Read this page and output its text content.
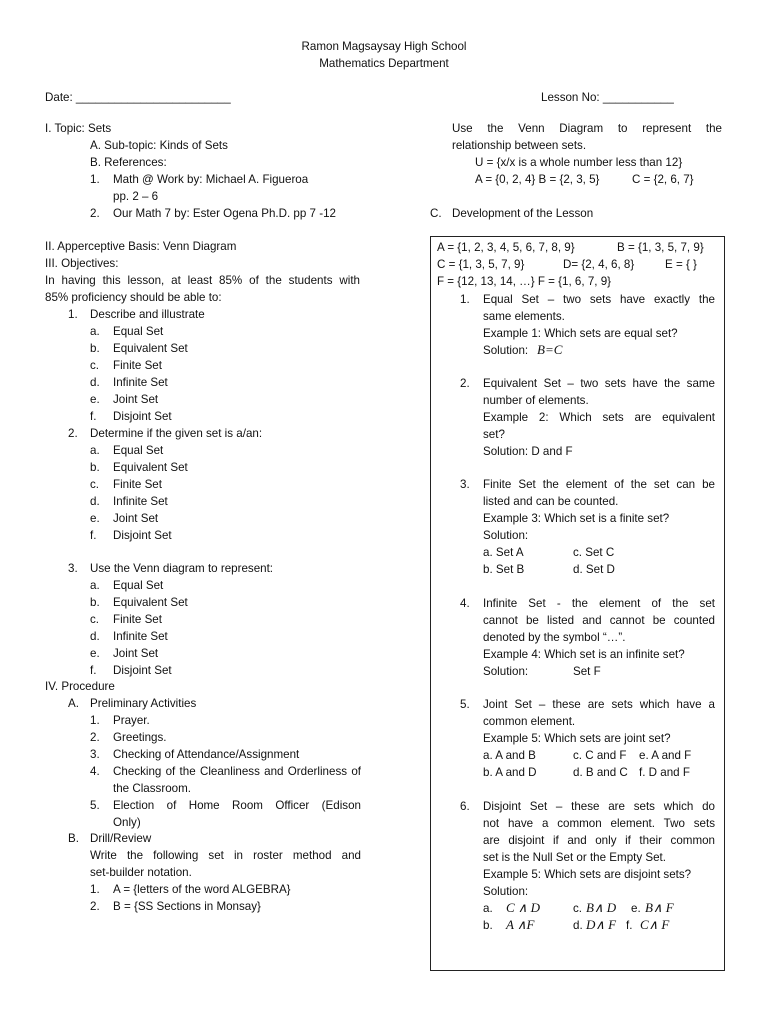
Ramon Magsaysay High School
Mathematics Department
Date: ________________________	Lesson No: ___________
I. Topic: Sets
A. Sub-topic: Kinds of Sets
B. References:
1. Math @ Work by: Michael A. Figueroa
pp. 2 – 6
2. Our Math 7 by: Ester Ogena Ph.D. pp 7 -12
II. Apperceptive Basis: Venn Diagram
III. Objectives:
In having this lesson, at least 85% of the students with
85% proficiency should be able to:
1. Describe and illustrate
a. Equal Set
b. Equivalent Set
c. Finite Set
d. Infinite Set
e. Joint Set
f. Disjoint Set
2. Determine if the given set is a/an:
a. Equal Set
b. Equivalent Set
c. Finite Set
d. Infinite Set
e. Joint Set
f. Disjoint Set
3. Use the Venn diagram to represent:
a. Equal Set
b. Equivalent Set
c. Finite Set
d. Infinite Set
e. Joint Set
f. Disjoint Set
IV. Procedure
A. Preliminary Activities
1. Prayer.
2. Greetings.
3. Checking of Attendance/Assignment
4. Checking of the Cleanliness and Orderliness of
the Classroom.
5. Election of Home Room Officer (Edison
Only)
B. Drill/Review
Write the following set in roster method and
set-builder notation.
1. A = {letters of the word ALGEBRA}
2. B = {SS Sections in Monsay}
Use the Venn Diagram to represent the
relationship between sets.
U = {x/x is a whole number less than 12}
A = {0, 2, 4} B = {2, 3, 5}	C = {2, 6, 7}
C. Development of the Lesson
A = {1, 2, 3, 4, 5, 6, 7, 8, 9}	B = {1, 3, 5, 7, 9}
C = {1, 3, 5, 7, 9}	D= {2, 4, 6, 8}	E = { }
F = {12, 13, 14, …} F = {1, 6, 7, 9}
1. Equal Set – two sets have exactly the
same elements.
Example 1: Which sets are equal set?
Solution: B=C
2. Equivalent Set – two sets have the same
number of elements.
Example 2: Which sets are equivalent
set?
Solution: D and F
3. Finite Set the element of the set can be
listed and can be counted.
Example 3: Which set is a finite set?
Solution:
a. Set A	c. Set C
b. Set B	d. Set D
4. Infinite Set - the element of the set
cannot be listed and cannot be counted
denoted by the symbol “…”.
Example 4: Which set is an infinite set?
Solution:	Set F
5. Joint Set – these are sets which have a
common element.
Example 5: Which sets are joint set?
a. A and B	c. C and F e. A and F
b. A and D	d. B and C f. D and F
6. Disjoint Set – these are sets which do
not have a common element. Two sets
are disjoint if and only if their common
set is the Null Set or the Empty Set.
Example 5: Which sets are disjoint sets?
Solution:
a. C ∧ D	c. B∧ D e. B∧ F
b. A ∧F	d. D∧ F f. C∧ F
